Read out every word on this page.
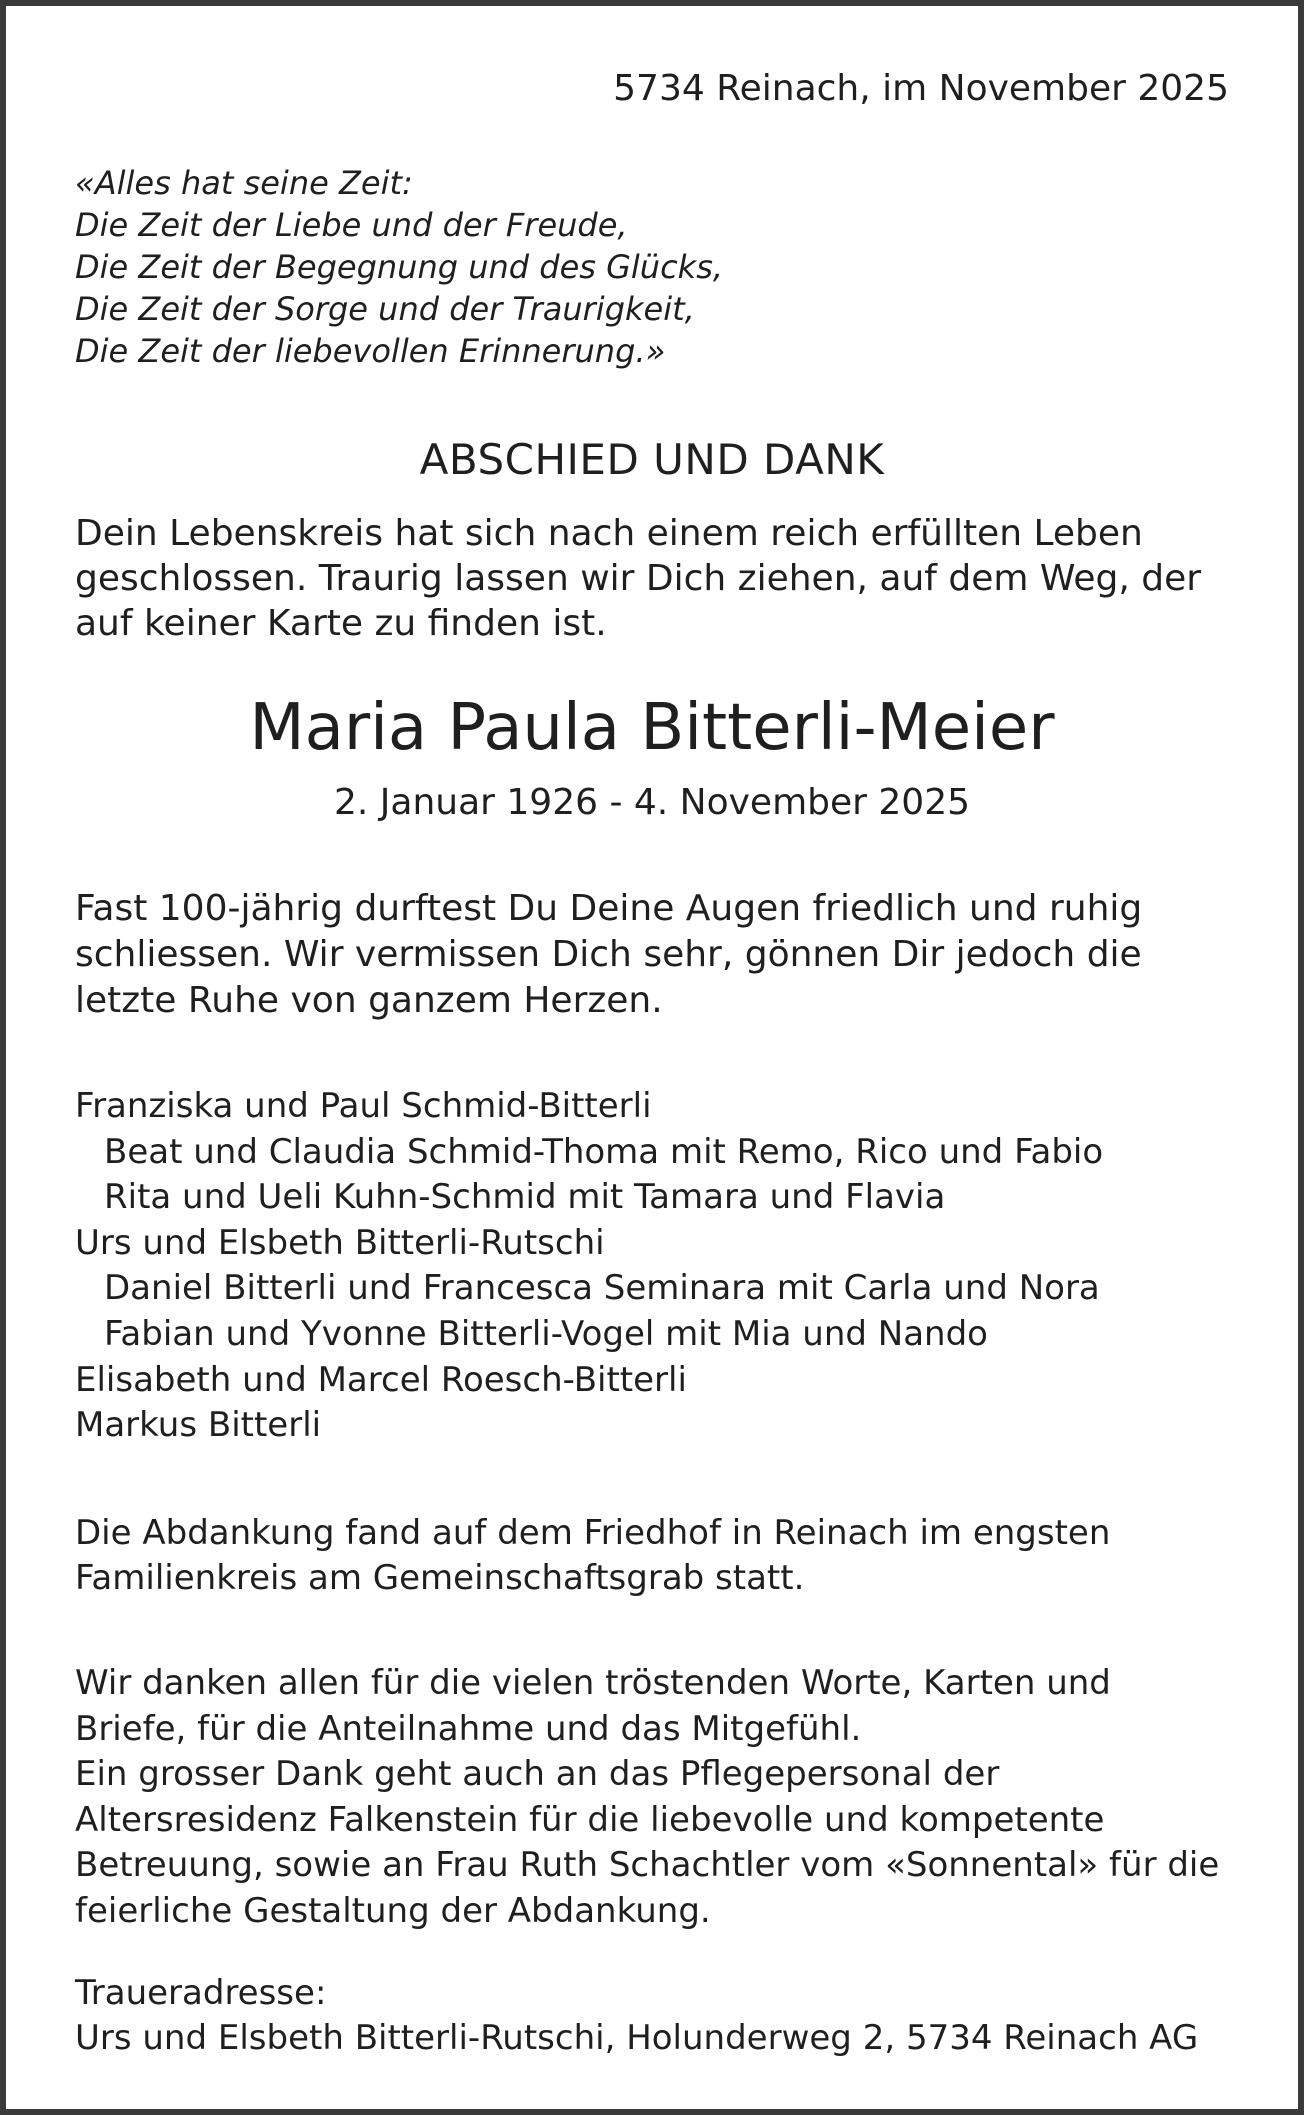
5734 Reinach, im November 2025
«Alles hat seine Zeit:
Die Zeit der Liebe und der Freude,
Die Zeit der Begegnung und des Glücks,
Die Zeit der Sorge und der Traurigkeit,
Die Zeit der liebevollen Erinnerung.»
ABSCHIED UND DANK
Dein Lebenskreis hat sich nach einem reich erfüllten Leben geschlossen. Traurig lassen wir Dich ziehen, auf dem Weg, der auf keiner Karte zu finden ist.
Maria Paula Bitterli-Meier
2. Januar 1926 - 4. November 2025
Fast 100-jährig durftest Du Deine Augen friedlich und ruhig schliessen. Wir vermissen Dich sehr, gönnen Dir jedoch die letzte Ruhe von ganzem Herzen.
Franziska und Paul Schmid-Bitterli
Beat und Claudia Schmid-Thoma mit Remo, Rico und Fabio
Rita und Ueli Kuhn-Schmid mit Tamara und Flavia
Urs und Elsbeth Bitterli-Rutschi
Daniel Bitterli und Francesca Seminara mit Carla und Nora
Fabian und Yvonne Bitterli-Vogel mit Mia und Nando
Elisabeth und Marcel Roesch-Bitterli
Markus Bitterli
Die Abdankung fand auf dem Friedhof in Reinach im engsten Familienkreis am Gemeinschaftsgrab statt.

Wir danken allen für die vielen tröstenden Worte, Karten und Briefe, für die Anteilnahme und das Mitgefühl.

Ein grosser Dank geht auch an das Pflegepersonal der Altersresidenz Falkenstein für die liebevolle und kompetente Betreuung, sowie an Frau Ruth Schachtler vom «Sonnental» für die feierliche Gestaltung der Abdankung.

Traueradresse:
Urs und Elsbeth Bitterli-Rutschi, Holunderweg 2, 5734 Reinach AG
